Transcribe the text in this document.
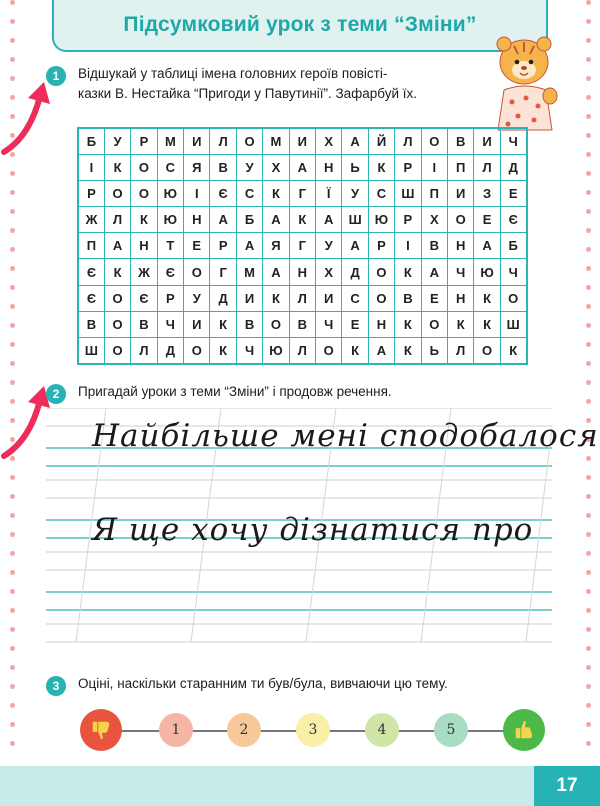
Підсумковий урок з теми “Зміни”
1	Відшукай у таблиці імена головних героїв повісті-
казки В. Нестайка “Пригоди у Павутинії”. Зафарбуй їх.
Б	У	Р	М	И	Л	О	М	И	Х	А	Й	Л	О	В	И	Ч
І	К	О	С	Я	В	У	Х	А	Н	Ь	К	Р	І	П	Л	Д
Р	О	О	Ю	І	Є	С	К	Г	Ї	У	С	Ш	П	И	З	Е
Ж	Л	К	Ю	Н	А	Б	А	К	А	Ш	Ю	Р	Х	О	Е	Є
П	А	Н	Т	Е	Р	А	Я	Г	У	А	Р	І	В	Н	А	Б
Є	К	Ж	Є	О	Г	М	А	Н	Х	Д	О	К	А	Ч	Ю	Ч
Є	О	Є	Р	У	Д	И	К	Л	И	С	О	В	Е	Н	К	О
В	О	В	Ч	И	К	В	О	В	Ч	Е	Н	К	О	К	К	Ш
Ш	О	Л	Д	О	К	Ч	Ю	Л	О	К	А	К	Ь	Л	О	К
2	Пригадай уроки з теми “Зміни” і продовж речення.
Найбільше мені сподобалося
Я ще хочу дізнатися про
3	Оціні, наскільки старанним ти був/була, вивчаючи цю тему.
1	2	3	4	5
17
